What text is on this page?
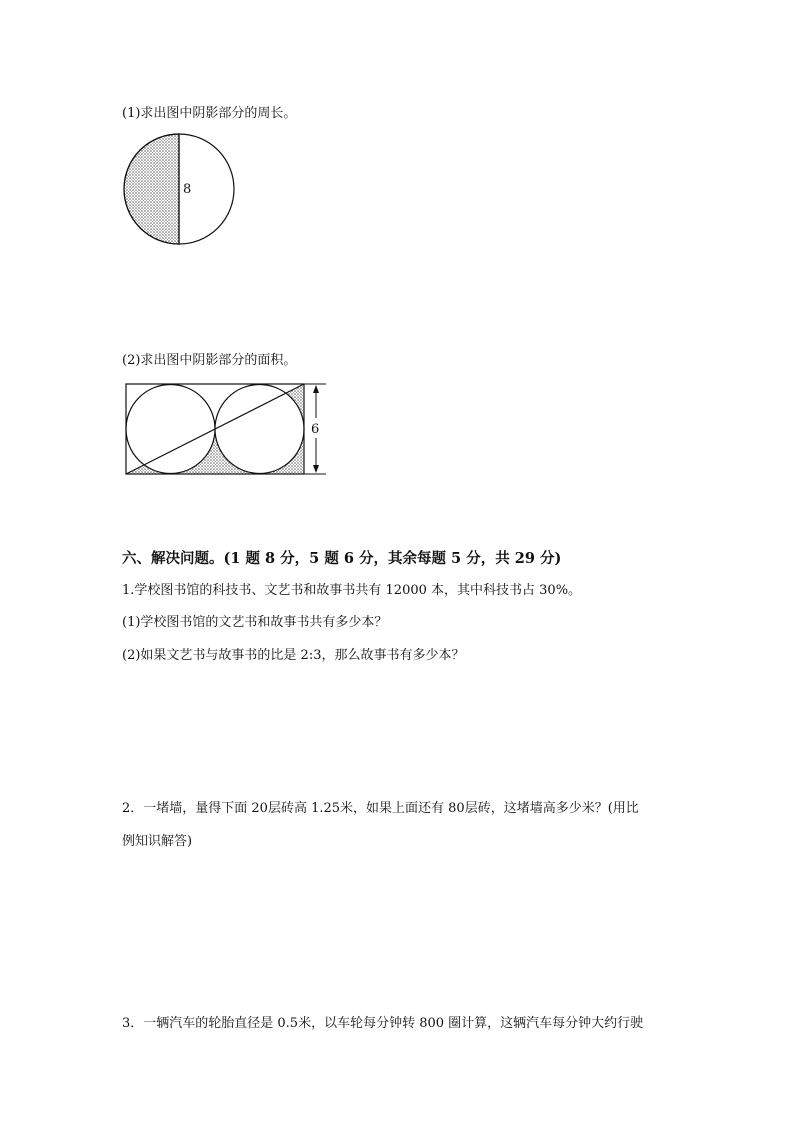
(1)求出图中阴影部分的周长。
8
(2)求出图中阴影部分的面积。
6
六、解决问题。(1 题 8 分，5 题 6 分，其余每题 5 分，共 29 分)
1.学校图书馆的科技书、文艺书和故事书共有 12000 本，其中科技书占 30%。
(1)学校图书馆的文艺书和故事书共有多少本？
(2)如果文艺书与故事书的比是 2:3，那么故事书有多少本？
2．一堵墙，量得下面 20层砖高 1.25米，如果上面还有 80层砖，这堵墙高多少米？(用比
例知识解答)
3．一辆汽车的轮胎直径是 0.5米，以车轮每分钟转 800 圈计算，这辆汽车每分钟大约行驶
